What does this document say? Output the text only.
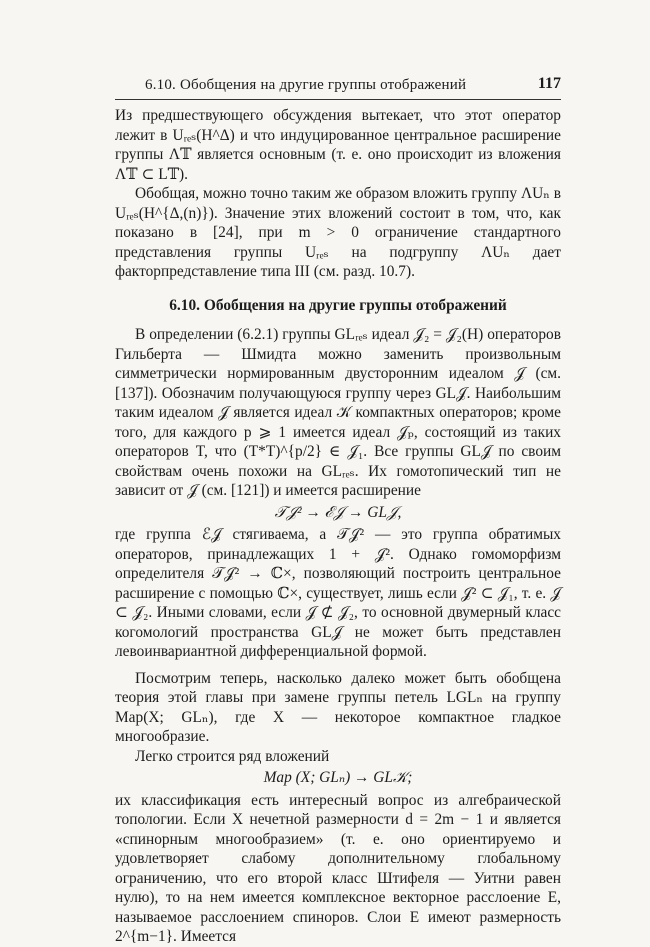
6.10. Обобщения на другие группы отображений	117

Из предшествующего обсуждения вытекает, что этот оператор лежит в Uᵣₑₛ(H^Δ) и что индуцированное центральное расширение группы Λ𝕋 является основным (т. е. оно происходит из вложения Λ𝕋 ⊂ L𝕋).

Обобщая, можно точно таким же образом вложить группу ΛUₙ в Uᵣₑₛ(H^{Δ,(n)}). Значение этих вложений состоит в том, что, как показано в [24], при m > 0 ограничение стандартного представления группы Uᵣₑₛ на подгруппу ΛUₙ дает факторпредставление типа III (см. разд. 10.7).

6.10. Обобщения на другие группы отображений

В определении (6.2.1) группы GLᵣₑₛ идеал 𝒥₂ = 𝒥₂(H) операторов Гильберта — Шмидта можно заменить произвольным симметрически нормированным двусторонним идеалом 𝒥 (см. [137]). Обозначим получающуюся группу через GL𝒥. Наибольшим таким идеалом 𝒥 является идеал 𝒦 компактных операторов; кроме того, для каждого p ⩾ 1 имеется идеал 𝒥ₚ, состоящий из таких операторов T, что (T*T)^{p/2} ∈ 𝒥₁. Все группы GL𝒥 по своим свойствам очень похожи на GLᵣₑₛ. Их гомотопический тип не зависит от 𝒥 (см. [121]) и имеется расширение

𝒯𝒥² → ℰ𝒥 → GL𝒥,

где группа ℰ𝒥 стягиваема, а 𝒯𝒥² — это группа обратимых операторов, принадлежащих 1 + 𝒥². Однако гомоморфизм определителя 𝒯𝒥² → ℂ×, позволяющий построить центральное расширение с помощью ℂ×, существует, лишь если 𝒥² ⊂ 𝒥₁, т. е. 𝒥 ⊂ 𝒥₂. Иными словами, если 𝒥 ⊄ 𝒥₂, то основной двумерный класс когомологий пространства GL𝒥 не может быть представлен левоинвариантной дифференциальной формой.

Посмотрим теперь, насколько далеко может быть обобщена теория этой главы при замене группы петель LGLₙ на группу Map(X; GLₙ), где X — некоторое компактное гладкое многообразие.

Легко строится ряд вложений

Map (X; GLₙ) → GL𝒦;

их классификация есть интересный вопрос из алгебраической топологии. Если X нечетной размерности d = 2m − 1 и является «спинорным многообразием» (т. е. оно ориентируемо и удовлетворяет слабому дополнительному глобальному ограничению, что его второй класс Штифеля — Уитни равен нулю), то на нем имеется комплексное векторное расслоение E, называемое расслоением спиноров. Слои E имеют размерность 2^{m−1}. Имеется
